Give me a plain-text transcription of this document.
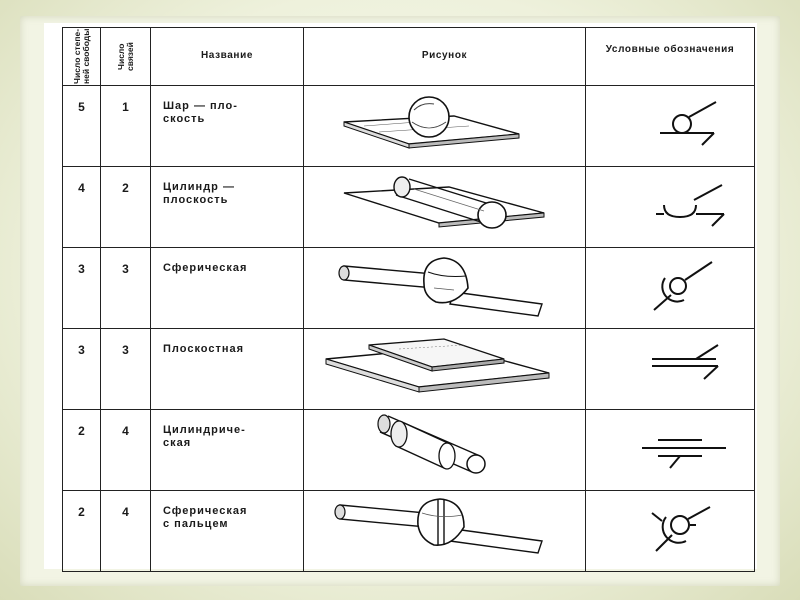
Число степе-ней свободы	Число связей	Название	Рисунок	Условные обозначения
5	1	Шар — пло-
скость	

4	2	Цилиндр —
плоскость	

3	3	Сферическая	

3	3	Плоскостная	

2	4	Цилиндриче-
ская	

2	4	Сферическая
с пальцем	
